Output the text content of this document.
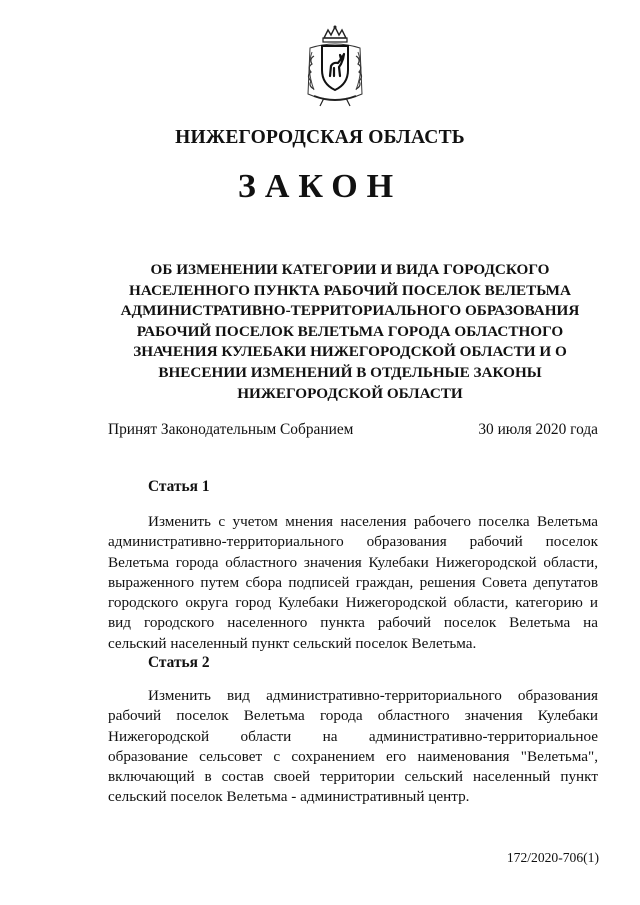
НИЖЕГОРОДСКАЯ ОБЛАСТЬ
ЗАКОН
ОБ ИЗМЕНЕНИИ КАТЕГОРИИ И ВИДА ГОРОДСКОГО
НАСЕЛЕННОГО ПУНКТА РАБОЧИЙ ПОСЕЛОК ВЕЛЕТЬМА
АДМИНИСТРАТИВНО-ТЕРРИТОРИАЛЬНОГО ОБРАЗОВАНИЯ
РАБОЧИЙ ПОСЕЛОК ВЕЛЕТЬМА ГОРОДА ОБЛАСТНОГО
ЗНАЧЕНИЯ КУЛЕБАКИ НИЖЕГОРОДСКОЙ ОБЛАСТИ И О
ВНЕСЕНИИ ИЗМЕНЕНИЙ В ОТДЕЛЬНЫЕ ЗАКОНЫ
НИЖЕГОРОДСКОЙ ОБЛАСТИ
Принят Законодательным Собранием	30 июля 2020 года
Статья 1
Изменить с учетом мнения населения рабочего поселка Велетьма
административно-территориального образования рабочий поселок
Велетьма города областного значения Кулебаки Нижегородской области,
выраженного путем сбора подписей граждан, решения Совета депутатов
городского округа город Кулебаки Нижегородской области, категорию и
вид городского населенного пункта рабочий поселок Велетьма на
сельский населенный пункт сельский поселок Велетьма.
Статья 2
Изменить вид административно-территориального образования
рабочий поселок Велетьма города областного значения Кулебаки
Нижегородской области на административно-территориальное
образование сельсовет с сохранением его наименования "Велетьма",
включающий в состав своей территории сельский населенный пункт
сельский поселок Велетьма - административный центр.
172/2020-706(1)
